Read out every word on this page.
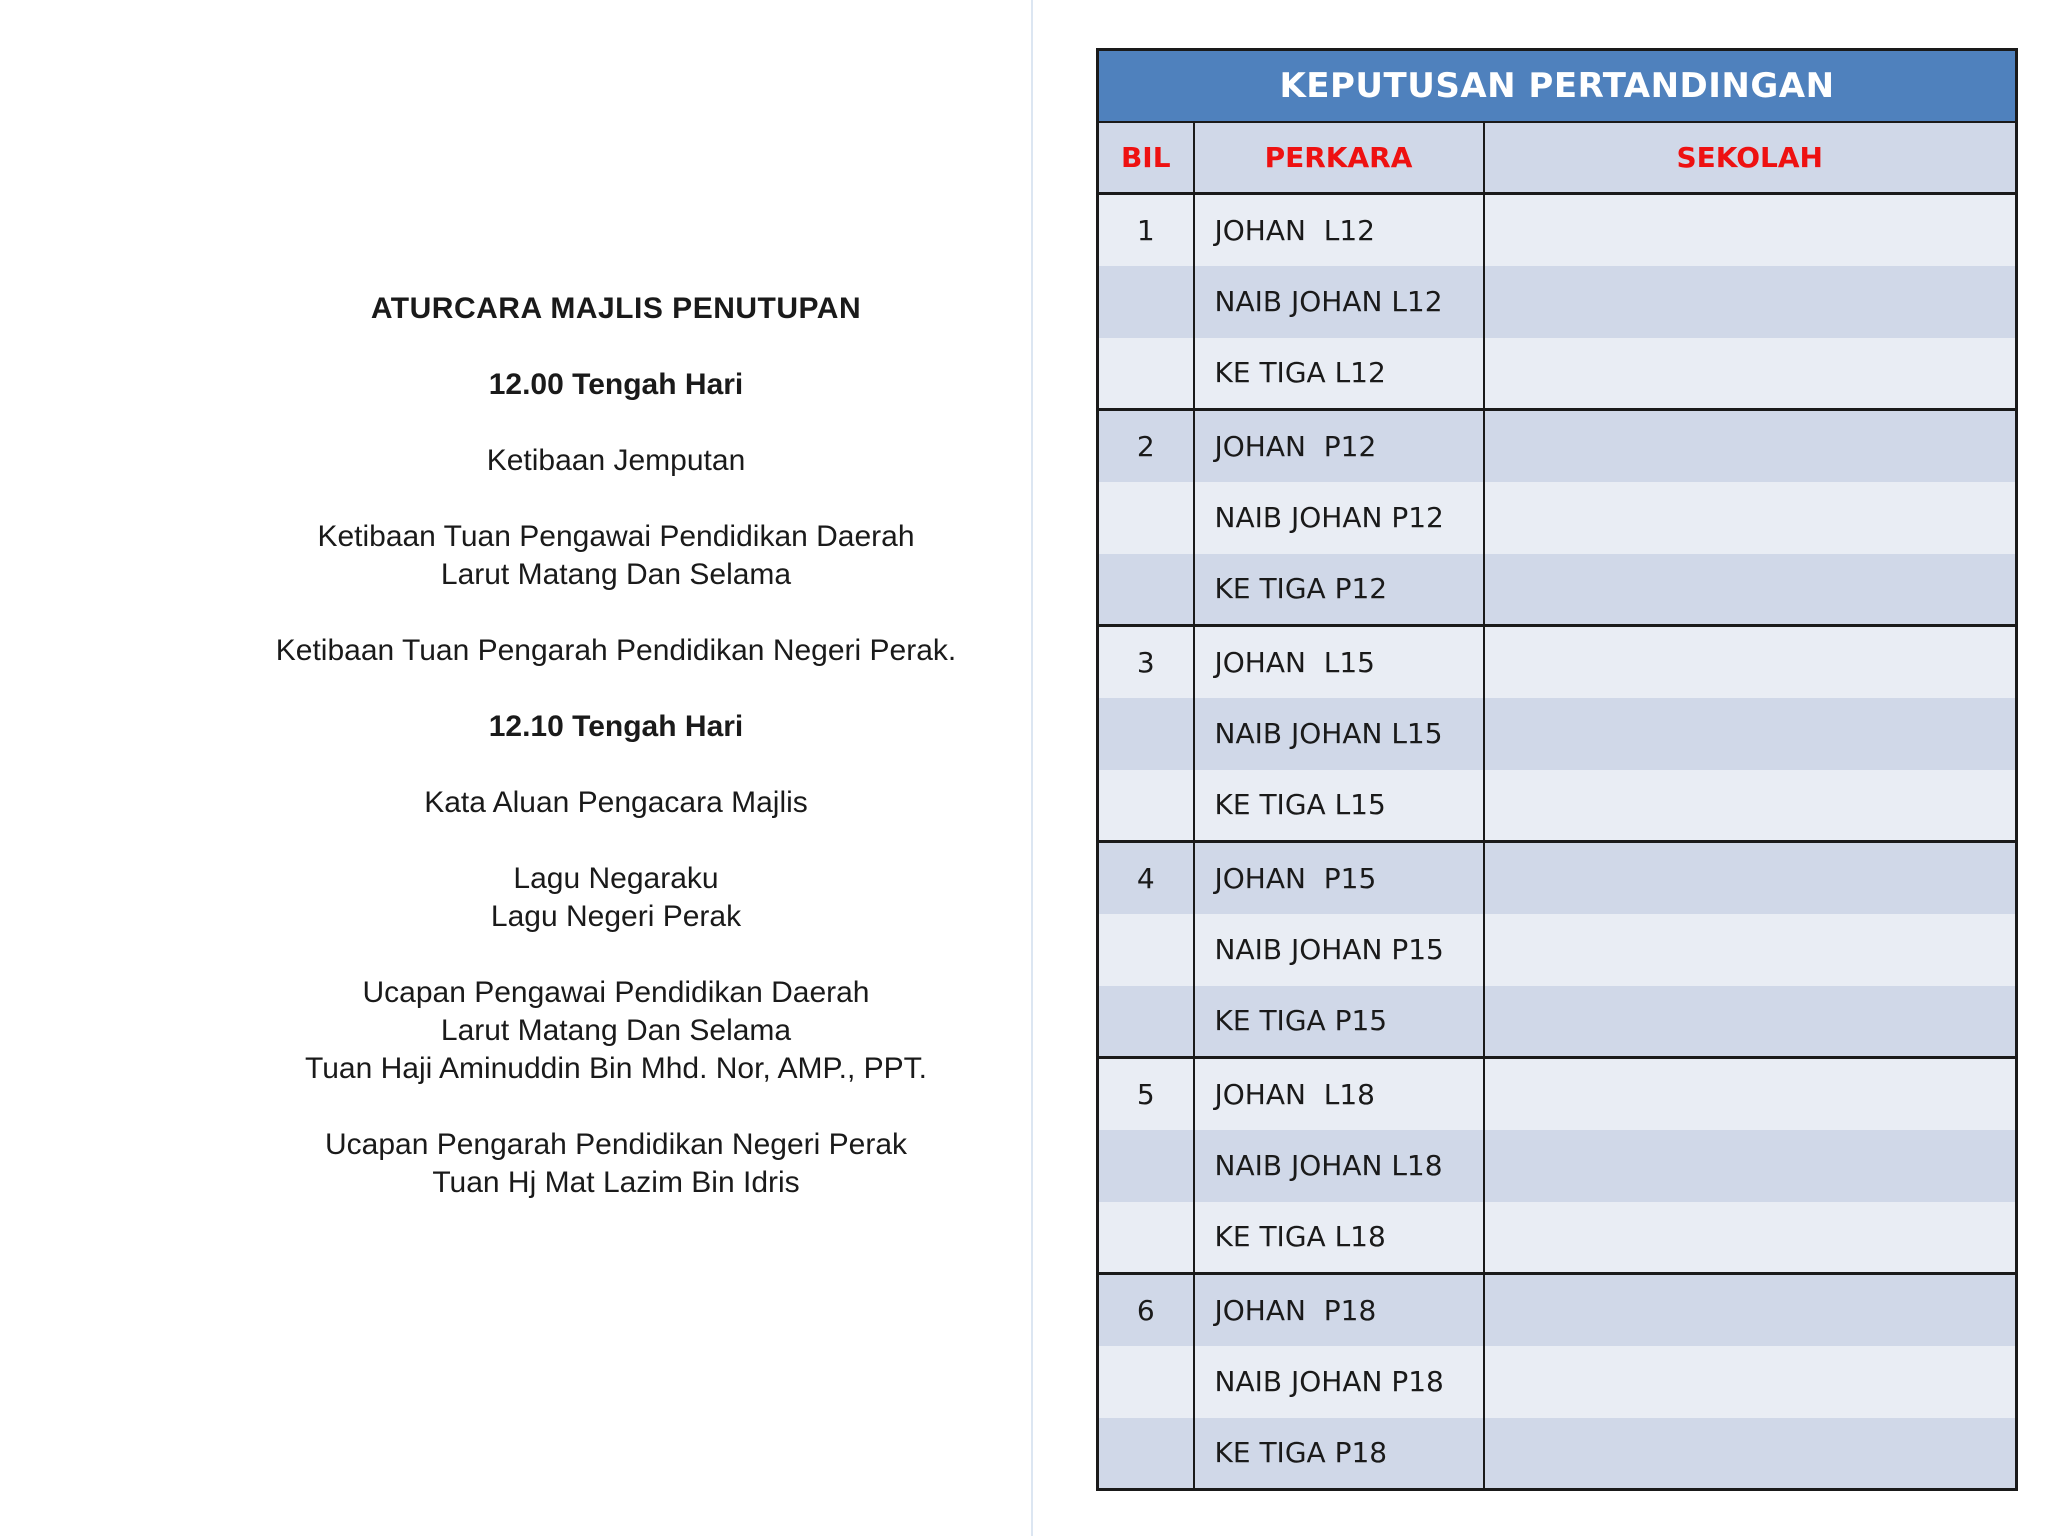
ATURCARA MAJLIS PENUTUPAN

12.00 Tengah Hari

Ketibaan Jemputan

Ketibaan Tuan Pengawai Pendidikan Daerah
Larut Matang Dan Selama

Ketibaan Tuan Pengarah Pendidikan Negeri Perak.

12.10 Tengah Hari

Kata Aluan Pengacara Majlis

Lagu Negaraku
Lagu Negeri Perak

Ucapan Pengawai Pendidikan Daerah
Larut Matang Dan Selama
Tuan Haji Aminuddin Bin Mhd. Nor, AMP., PPT.

Ucapan Pengarah Pendidikan Negeri Perak
Tuan Hj Mat Lazim Bin Idris

KEPUTUSAN PERTANDINGAN		
BIL	PERKARA	SEKOLAH
1	JOHAN  L12	
	NAIB JOHAN L12	
	KE TIGA L12	
2	JOHAN  P12	
	NAIB JOHAN P12	
	KE TIGA P12	
3	JOHAN  L15	
	NAIB JOHAN L15	
	KE TIGA L15	
4	JOHAN  P15	
	NAIB JOHAN P15	
	KE TIGA P15	
5	JOHAN  L18	
	NAIB JOHAN L18	
	KE TIGA L18	
6	JOHAN  P18	
	NAIB JOHAN P18	
	KE TIGA P18	
